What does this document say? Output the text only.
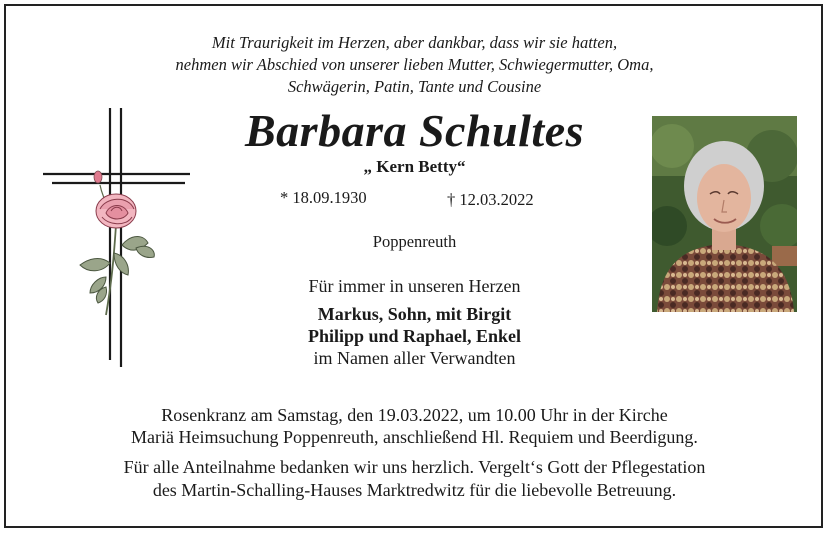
Mit Traurigkeit im Herzen, aber dankbar, dass wir sie hatten,
nehmen wir Abschied von unserer lieben Mutter, Schwiegermutter, Oma,
Schwägerin, Patin, Tante und Cousine
Barbara Schultes
„ Kern Betty“
* 18.09.1930	† 12.03.2022
Poppenreuth
Für immer in unseren Herzen
Markus, Sohn, mit Birgit
Philipp und Raphael, Enkel
im Namen aller Verwandten
Rosenkranz am Samstag, den 19.03.2022, um 10.00 Uhr in der Kirche
Mariä Heimsuchung Poppenreuth, anschließend Hl. Requiem und Beerdigung.
Für alle Anteilnahme bedanken wir uns herzlich. Vergelt‘s Gott der Pflegestation
des Martin-Schalling-Hauses Marktredwitz für die liebevolle Betreuung.
